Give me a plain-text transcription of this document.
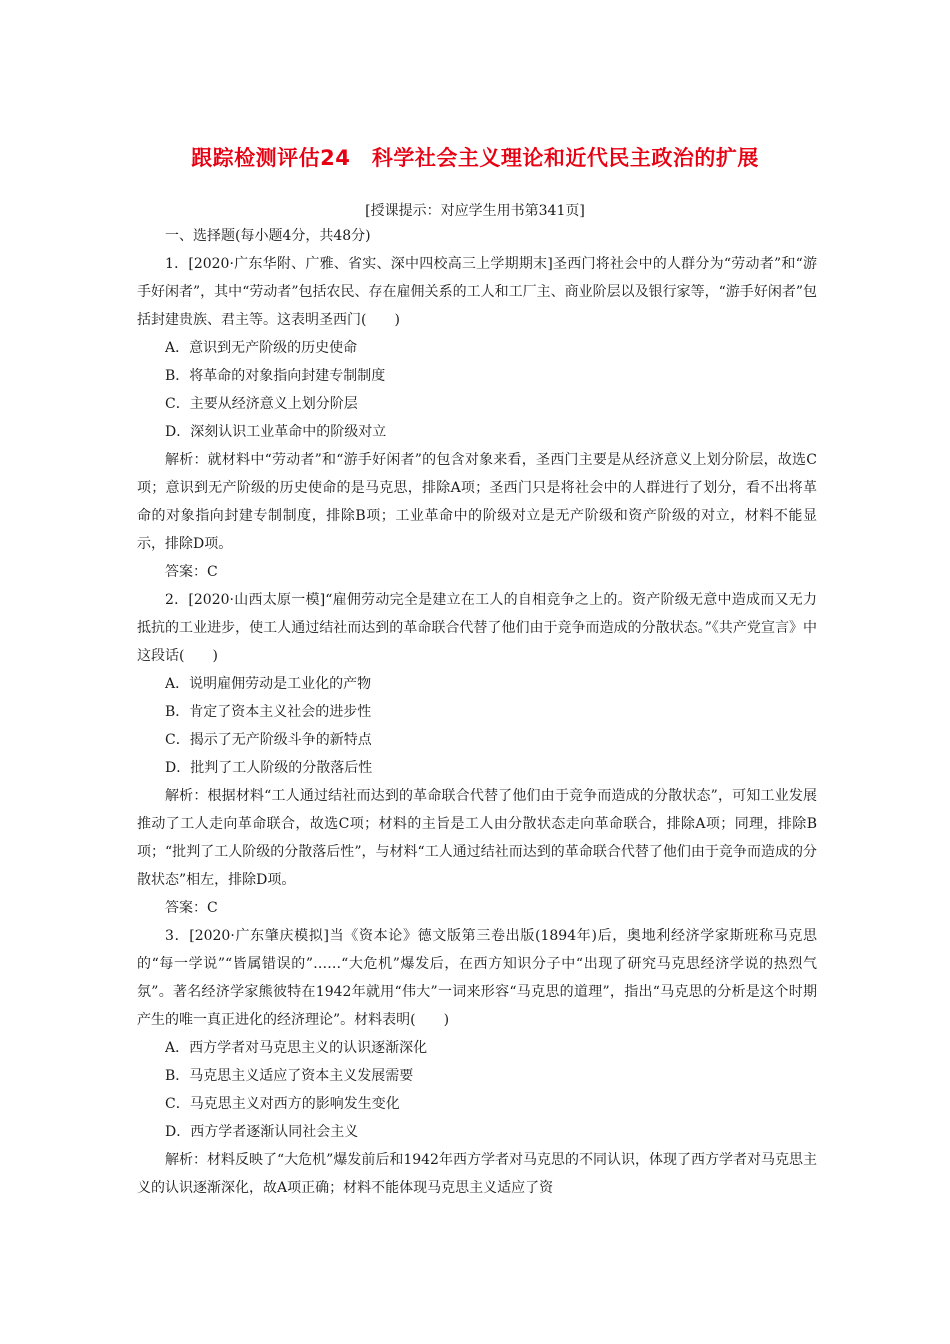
跟踪检测评估24　科学社会主义理论和近代民主政治的扩展
[授课提示：对应学生用书第341页]

一、选择题(每小题4分，共48分)

1．[2020·广东华附、广雅、省实、深中四校高三上学期期末]圣西门将社会中的人群分为“劳动者”和“游手好闲者”，其中“劳动者”包括农民、存在雇佣关系的工人和工厂主、商业阶层以及银行家等，“游手好闲者”包括封建贵族、君主等。这表明圣西门(　　)

A．意识到无产阶级的历史使命

B．将革命的对象指向封建专制制度

C．主要从经济意义上划分阶层

D．深刻认识工业革命中的阶级对立

解析：就材料中“劳动者”和“游手好闲者”的包含对象来看，圣西门主要是从经济意义上划分阶层，故选C项；意识到无产阶级的历史使命的是马克思，排除A项；圣西门只是将社会中的人群进行了划分，看不出将革命的对象指向封建专制制度，排除B项；工业革命中的阶级对立是无产阶级和资产阶级的对立，材料不能显示，排除D项。

答案：C

2．[2020·山西太原一模]“雇佣劳动完全是建立在工人的自相竞争之上的。资产阶级无意中造成而又无力抵抗的工业进步，使工人通过结社而达到的革命联合代替了他们由于竞争而造成的分散状态。”《共产党宣言》中这段话(　　)

A．说明雇佣劳动是工业化的产物

B．肯定了资本主义社会的进步性

C．揭示了无产阶级斗争的新特点

D．批判了工人阶级的分散落后性

解析：根据材料“工人通过结社而达到的革命联合代替了他们由于竞争而造成的分散状态”，可知工业发展推动了工人走向革命联合，故选C项；材料的主旨是工人由分散状态走向革命联合，排除A项；同理，排除B项；“批判了工人阶级的分散落后性”，与材料“工人通过结社而达到的革命联合代替了他们由于竞争而造成的分散状态”相左，排除D项。

答案：C

3．[2020·广东肇庆模拟]当《资本论》德文版第三卷出版(1894年)后，奥地利经济学家斯班称马克思的“每一学说”“皆属错误的”……“大危机”爆发后，在西方知识分子中“出现了研究马克思经济学说的热烈气氛”。著名经济学家熊彼特在1942年就用“伟大”一词来形容“马克思的道理”，指出“马克思的分析是这个时期产生的唯一真正进化的经济理论”。材料表明(　　)

A．西方学者对马克思主义的认识逐渐深化

B．马克思主义适应了资本主义发展需要

C．马克思主义对西方的影响发生变化

D．西方学者逐渐认同社会主义

解析：材料反映了“大危机”爆发前后和1942年西方学者对马克思的不同认识，体现了西方学者对马克思主义的认识逐渐深化，故A项正确；材料不能体现马克思主义适应了资
